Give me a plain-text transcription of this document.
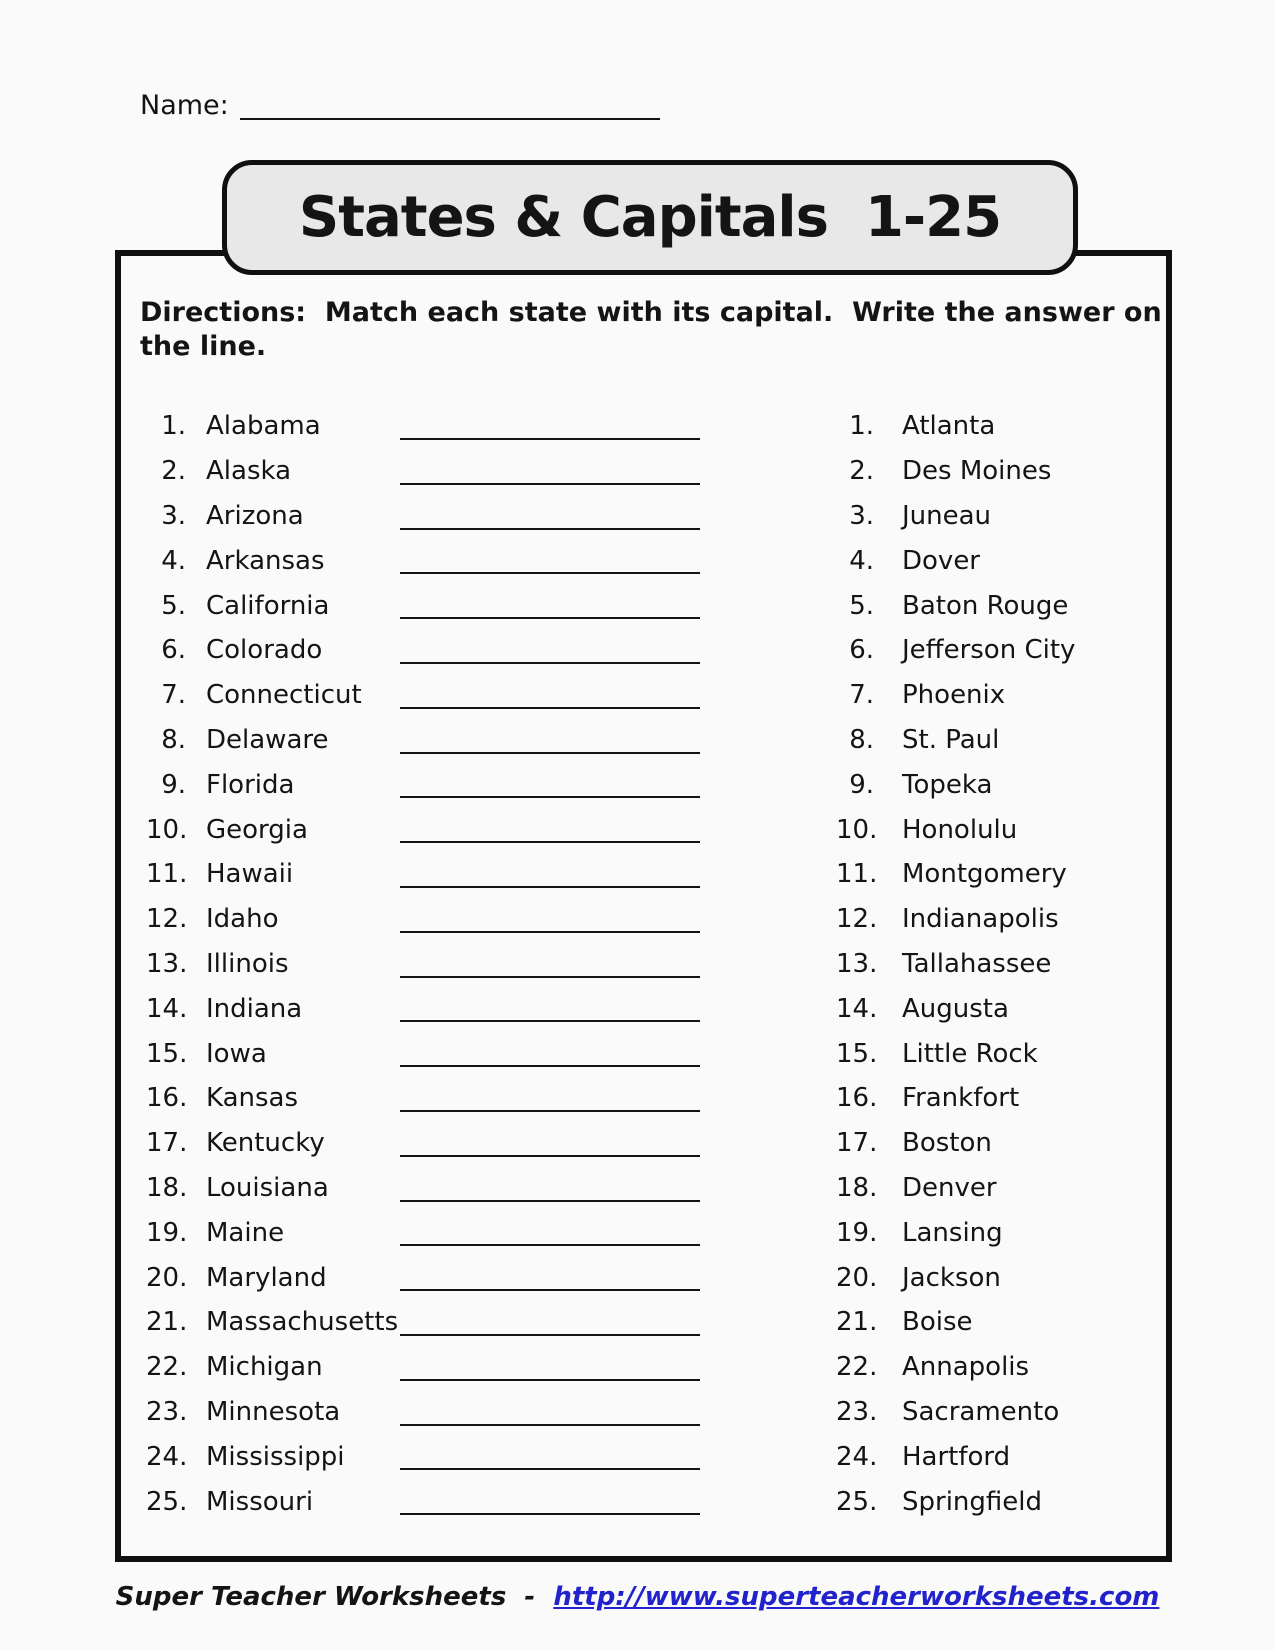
Name:
States & Capitals  1-25
Directions:  Match each state with its capital.  Write the answer on
the line.
1. Alabama
2. Alaska
3. Arizona
4. Arkansas
5. California
6. Colorado
7. Connecticut
8. Delaware
9. Florida
10. Georgia
11. Hawaii
12. Idaho
13. Illinois
14. Indiana
15. Iowa
16. Kansas
17. Kentucky
18. Louisiana
19. Maine
20. Maryland
21. Massachusetts
22. Michigan
23. Minnesota
24. Mississippi
25. Missouri
1. Atlanta
2. Des Moines
3. Juneau
4. Dover
5. Baton Rouge
6. Jefferson City
7. Phoenix
8. St. Paul
9. Topeka
10. Honolulu
11. Montgomery
12. Indianapolis
13. Tallahassee
14. Augusta
15. Little Rock
16. Frankfort
17. Boston
18. Denver
19. Lansing
20. Jackson
21. Boise
22. Annapolis
23. Sacramento
24. Hartford
25. Springfield
Super Teacher Worksheets  -  http://www.superteacherworksheets.com
